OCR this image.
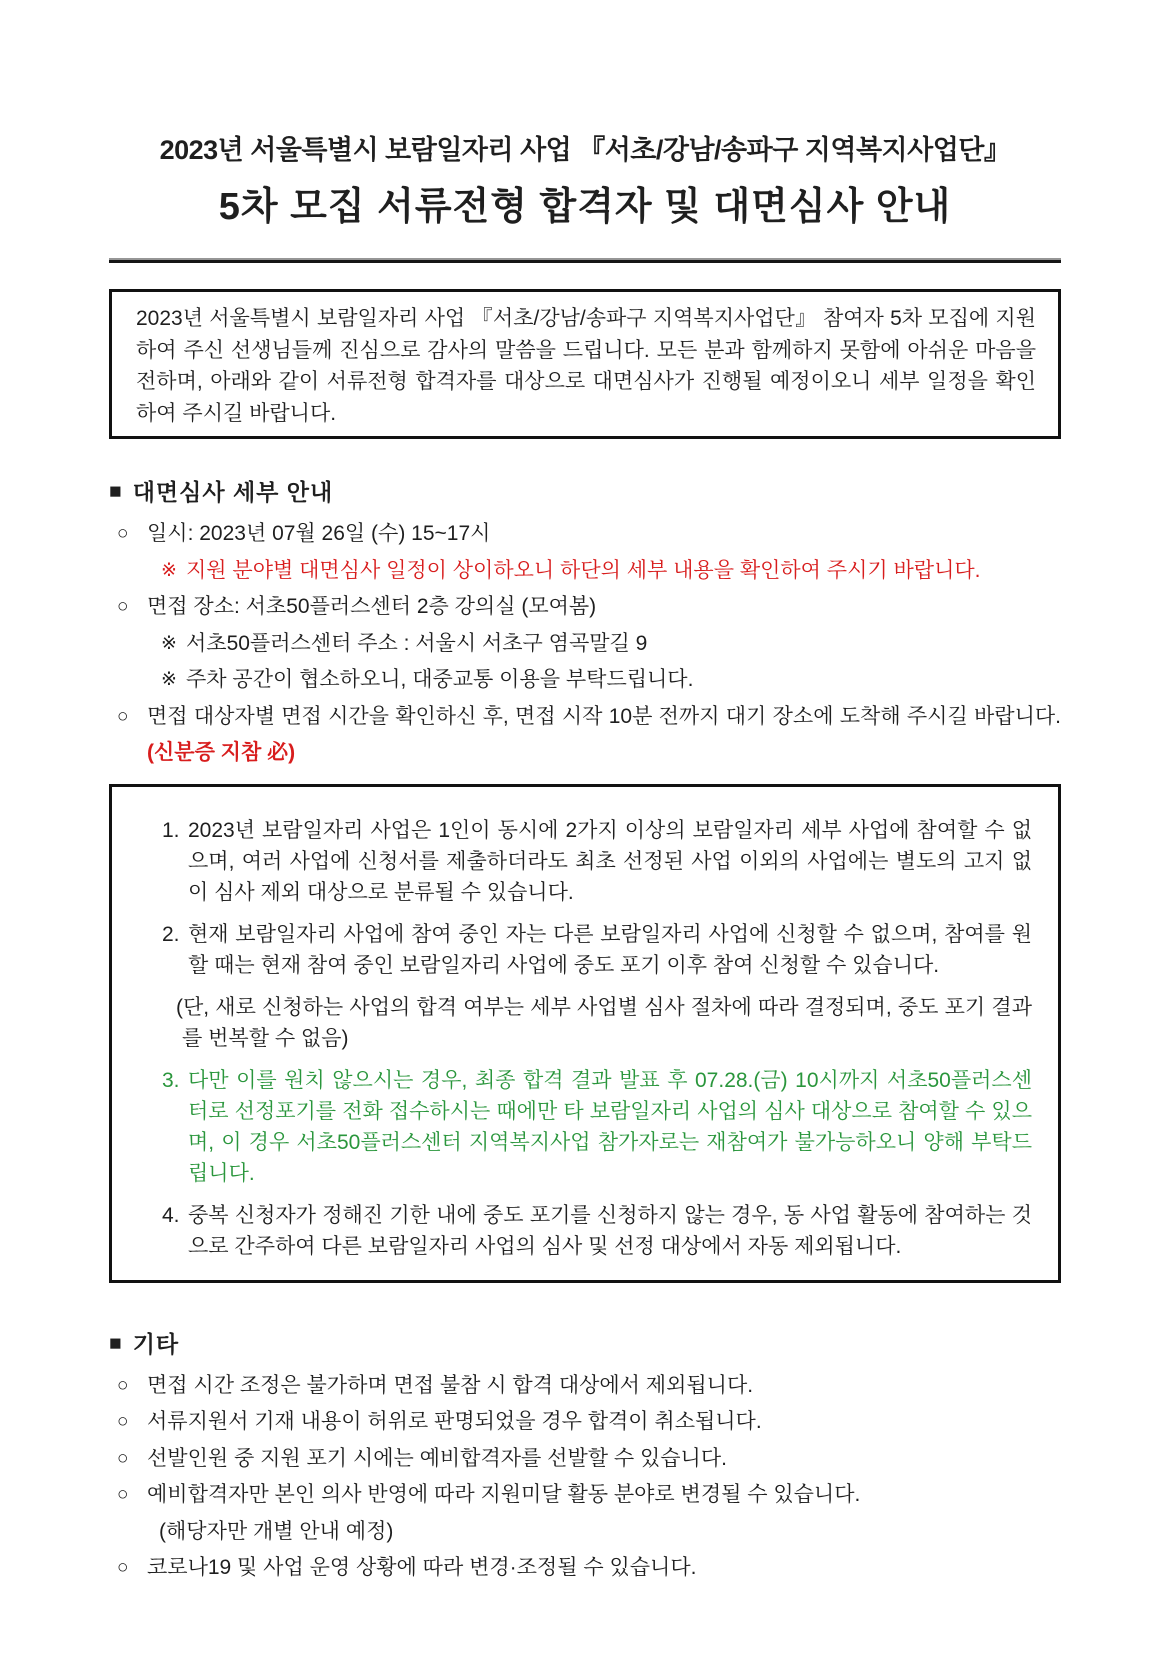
2023년 서울특별시 보람일자리 사업 『서초/강남/송파구 지역복지사업단』
5차 모집 서류전형 합격자 및 대면심사 안내

2023년 서울특별시 보람일자리 사업 『서초/강남/송파구 지역복지사업단』 참여자 5차 모집에 지원하여 주신 선생님들께 진심으로 감사의 말씀을 드립니다. 모든 분과 함께하지 못함에 아쉬운 마음을 전하며, 아래와 같이 서류전형 합격자를 대상으로 대면심사가 진행될 예정이오니 세부 일정을 확인하여 주시길 바랍니다.

■ 대면심사 세부 안내
○ 일시: 2023년 07월 26일 (수) 15~17시
※ 지원 분야별 대면심사 일정이 상이하오니 하단의 세부 내용을 확인하여 주시기 바랍니다.
○ 면접 장소: 서초50플러스센터 2층 강의실 (모여봄)
※ 서초50플러스센터 주소 : 서울시 서초구 염곡말길 9
※ 주차 공간이 협소하오니, 대중교통 이용을 부탁드립니다.
○ 면접 대상자별 면접 시간을 확인하신 후, 면접 시작 10분 전까지 대기 장소에 도착해 주시길 바랍니다. (신분증 지참 必)
1. 2023년 보람일자리 사업은 1인이 동시에 2가지 이상의 보람일자리 세부 사업에 참여할 수 없으며, 여러 사업에 신청서를 제출하더라도 최초 선정된 사업 이외의 사업에는 별도의 고지 없이 심사 제외 대상으로 분류될 수 있습니다.
2. 현재 보람일자리 사업에 참여 중인 자는 다른 보람일자리 사업에 신청할 수 없으며, 참여를 원할 때는 현재 참여 중인 보람일자리 사업에 중도 포기 이후 참여 신청할 수 있습니다.
(단, 새로 신청하는 사업의 합격 여부는 세부 사업별 심사 절차에 따라 결정되며, 중도 포기 결과를 번복할 수 없음)
3. 다만 이를 원치 않으시는 경우, 최종 합격 결과 발표 후 07.28.(금) 10시까지 서초50플러스센터로 선정포기를 전화 접수하시는 때에만 타 보람일자리 사업의 심사 대상으로 참여할 수 있으며, 이 경우 서초50플러스센터 지역복지사업 참가자로는 재참여가 불가능하오니 양해 부탁드립니다.
4. 중복 신청자가 정해진 기한 내에 중도 포기를 신청하지 않는 경우, 동 사업 활동에 참여하는 것으로 간주하여 다른 보람일자리 사업의 심사 및 선정 대상에서 자동 제외됩니다.
■ 기타
○ 면접 시간 조정은 불가하며 면접 불참 시 합격 대상에서 제외됩니다.
○ 서류지원서 기재 내용이 허위로 판명되었을 경우 합격이 취소됩니다.
○ 선발인원 중 지원 포기 시에는 예비합격자를 선발할 수 있습니다.
○ 예비합격자만 본인 의사 반영에 따라 지원미달 활동 분야로 변경될 수 있습니다.
(해당자만 개별 안내 예정)
○ 코로나19 및 사업 운영 상황에 따라 변경·조정될 수 있습니다.
